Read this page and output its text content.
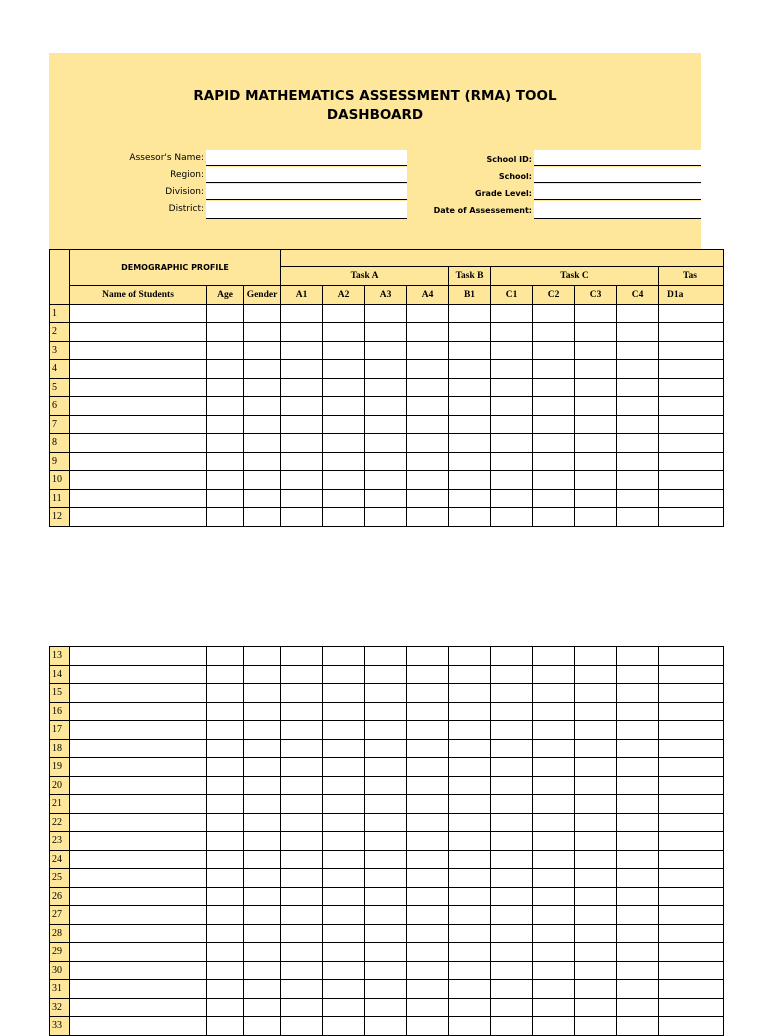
RAPID MATHEMATICS ASSESSMENT (RMA) TOOL
DASHBOARD
Assesor's Name:
Region:
Division:
District:
School ID:
School:
Grade Level:
Date of Assessement:
	DEMOGRAPHIC PROFILE												
				Task A				Task B	Task C				Tas
	Name of Students	Age	Gender	A1	A2	A3	A4	B1	C1	C2	C3	C4	D1a
1													
2													
3													
4													
5													
6													
7													
8													
9													
10													
11													
12													
13													
14													
15													
16													
17													
18													
19													
20													
21													
22													
23													
24													
25													
26													
27													
28													
29													
30													
31													
32													
33													
